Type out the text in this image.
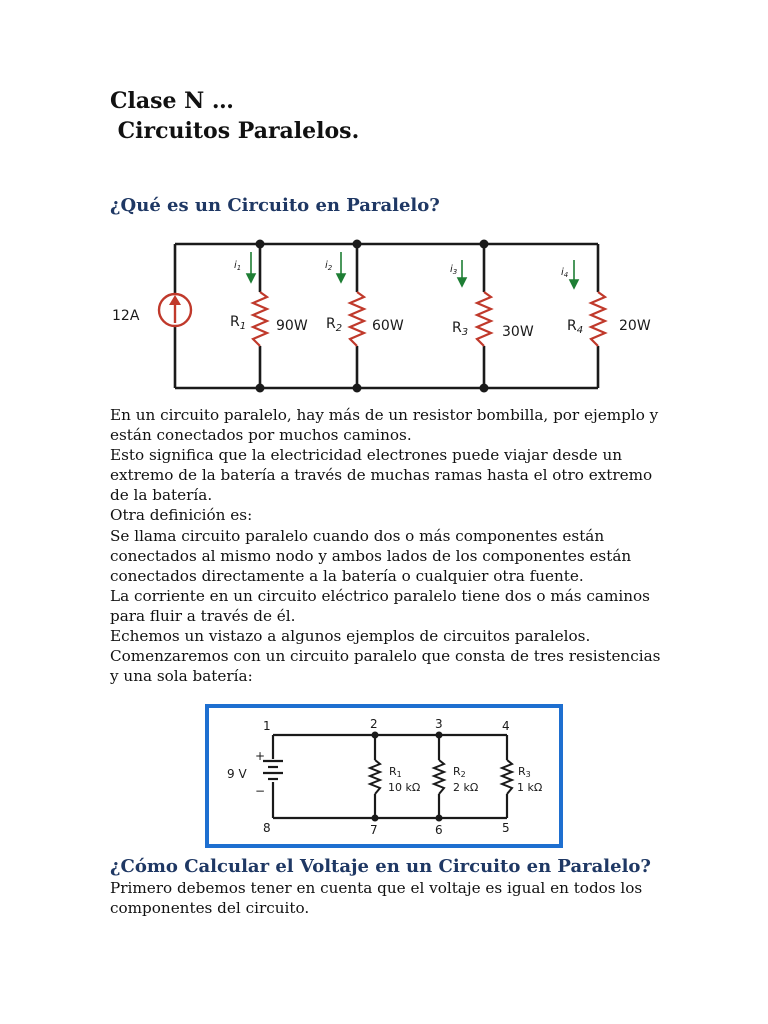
Clase N …
Circuitos Paralelos.
¿Qué es un Circuito en Paralelo?
$i_1$	$i_2$	$i_3$	$i_4$
$R_1$	$R_2$	$R_3$	$R_4$
12A
90W	60W	30W	20W
En un circuito paralelo, hay más de un resistor bombilla, por ejemplo y
están conectados por muchos caminos.
Esto significa que la electricidad electrones puede viajar desde un
extremo de la batería a través de muchas ramas hasta el otro extremo
de la batería.
Otra definición es:
Se llama circuito paralelo cuando dos o más componentes están
conectados al mismo nodo y ambos lados de los componentes están
conectados directamente a la batería o cualquier otra fuente.
La corriente en un circuito eléctrico paralelo tiene dos o más caminos
para fluir a través de él.
Echemos un vistazo a algunos ejemplos de circuitos paralelos.
Comenzaremos con un circuito paralelo que consta de tres resistencias
y una sola batería:
1	2	3	4
8	7	6	5
9 V
+
−
R1
10 kΩ
R2
2 kΩ
R3
1 kΩ
¿Cómo Calcular el Voltaje en un Circuito en Paralelo?
Primero debemos tener en cuenta que el voltaje es igual en todos los
componentes del circuito.
